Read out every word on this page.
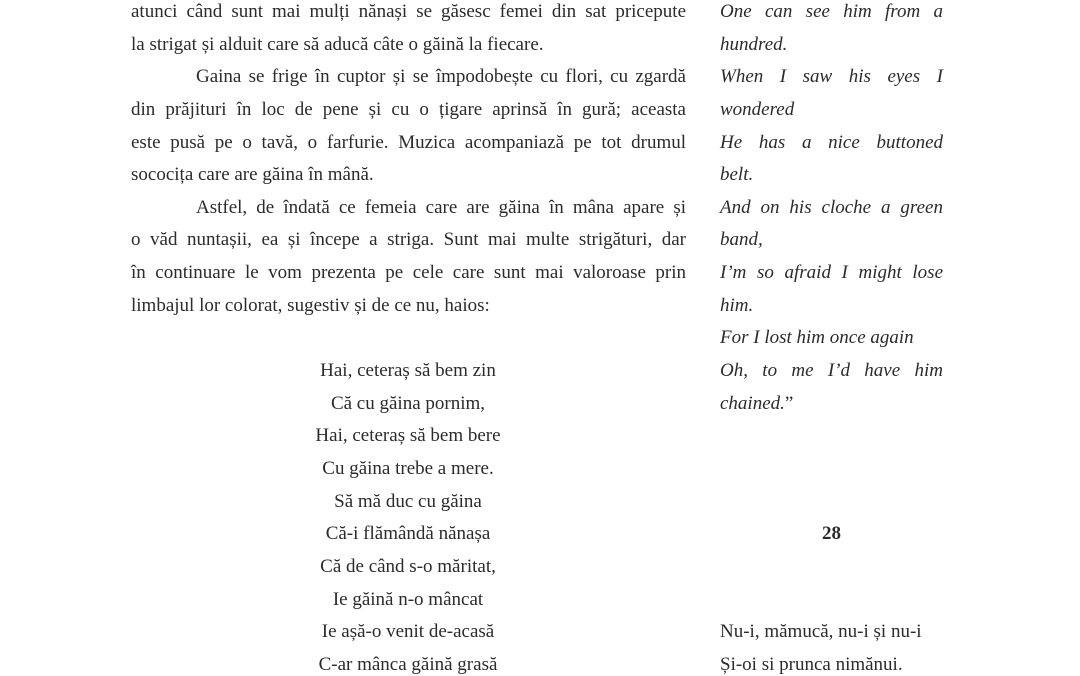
atunci când sunt mai mulți nănași se găsesc femei din sat pricepute
la strigat și alduit care să aducă câte o găină la fiecare.
Gaina se frige în cuptor și se împodobește cu flori, cu zgardă
din prăjituri în loc de pene și cu o țigare aprinsă în gură; aceasta
este pusă pe o tavă, o farfurie. Muzica acompaniază pe tot drumul
sococița care are găina în mână.
Astfel, de îndată ce femeia care are găina în mâna apare și
o văd nuntașii, ea și începe a striga. Sunt mai multe strigături, dar
în continuare le vom prezenta pe cele care sunt mai valoroase prin
limbajul lor colorat, sugestiv și de ce nu, haios:
Hai, ceteraș să bem zin
Că cu găina pornim,
Hai, ceteraș să bem bere
Cu găina trebe a mere.
Să mă duc cu găina
Că-i flămândă nănașa
Că de când s-o măritat,
Ie găină n-o mâncat
Ie așă-o venit de-acasă
C-ar mânca găină grasă
One can see him from a
hundred.
When I saw his eyes I
wondered
He has a nice buttoned
belt.
And on his cloche a green
band,
I’m so afraid I might lose
him.
For I lost him once again
Oh, to me I’d have him
chained.”
Nu-i, mămucă, nu-i și nu-i
Și-oi si prunca nimănui.
28
